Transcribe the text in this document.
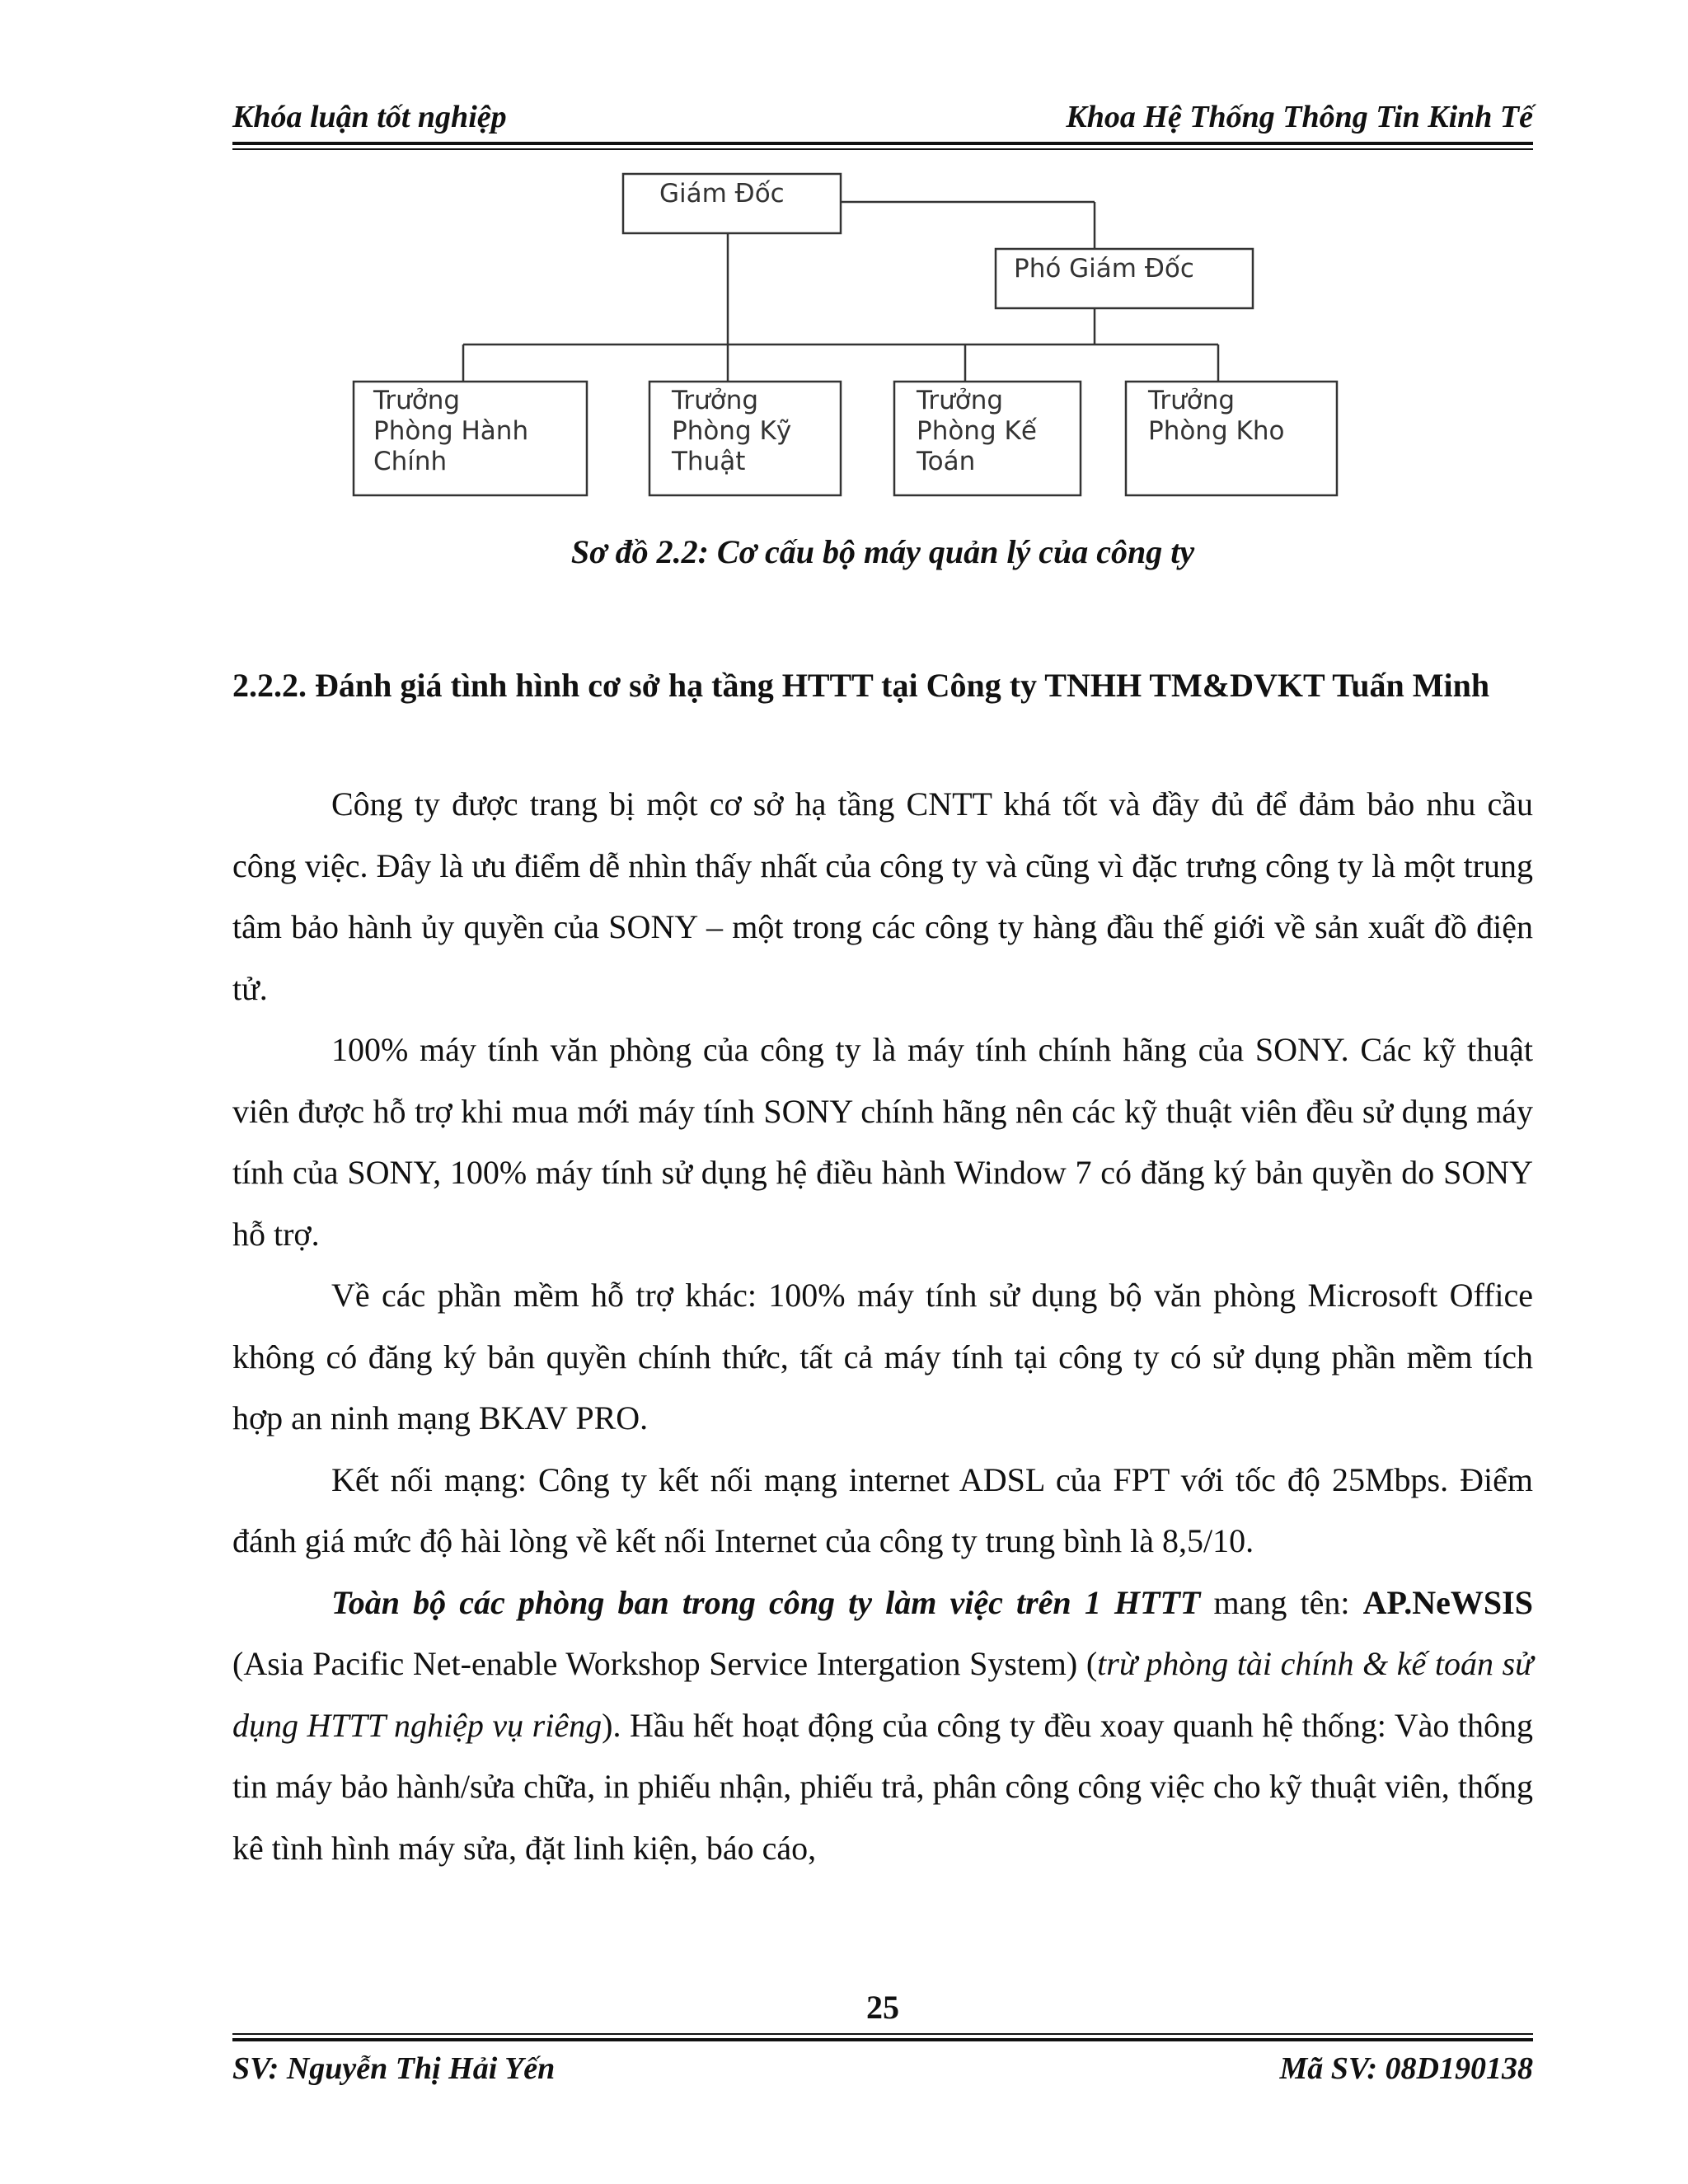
Khóa luận tốt nghiệp	Khoa Hệ Thống Thông Tin Kinh Tế
Giám Đốc
Phó Giám Đốc
Trưởng
Phòng Hành
Chính
Trưởng
Phòng Kỹ
Thuật
Trưởng
Phòng Kế
Toán
Trưởng
Phòng Kho
Sơ đồ 2.2: Cơ cấu bộ máy quản lý của công ty
2.2.2. Đánh giá tình hình cơ sở hạ tầng HTTT tại Công ty TNHH TM&DVKT Tuấn Minh

Công ty được trang bị một cơ sở hạ tầng CNTT khá tốt và đầy đủ để đảm bảo nhu cầu công việc. Đây là ưu điểm dễ nhìn thấy nhất của công ty và cũng vì đặc trưng công ty là một trung tâm bảo hành ủy quyền của SONY – một trong các công ty hàng đầu thế giới về sản xuất đồ điện tử.

100% máy tính văn phòng của công ty là máy tính chính hãng của SONY. Các kỹ thuật viên được hỗ trợ khi mua mới máy tính SONY chính hãng nên các kỹ thuật viên đều sử dụng máy tính của SONY, 100% máy tính sử dụng hệ điều hành Window 7 có đăng ký bản quyền do SONY hỗ trợ.

Về các phần mềm hỗ trợ khác: 100% máy tính sử dụng bộ văn phòng Microsoft Office không có đăng ký bản quyền chính thức, tất cả máy tính tại công ty có sử dụng phần mềm tích hợp an ninh mạng BKAV PRO.

Kết nối mạng: Công ty kết nối mạng internet ADSL của FPT với tốc độ 25Mbps. Điểm đánh giá mức độ hài lòng về kết nối Internet của công ty trung bình là 8,5/10.

Toàn bộ các phòng ban trong công ty làm việc trên 1 HTTT mang tên: AP.NeWSIS (Asia Pacific Net-enable Workshop Service Intergation System) (trừ phòng tài chính & kế toán sử dụng HTTT nghiệp vụ riêng). Hầu hết hoạt động của công ty đều xoay quanh hệ thống: Vào thông tin máy bảo hành/sửa chữa, in phiếu nhận, phiếu trả, phân công công việc cho kỹ thuật viên, thống kê tình hình máy sửa, đặt linh kiện, báo cáo,

25
SV: Nguyễn Thị Hải Yến	Mã SV: 08D190138
